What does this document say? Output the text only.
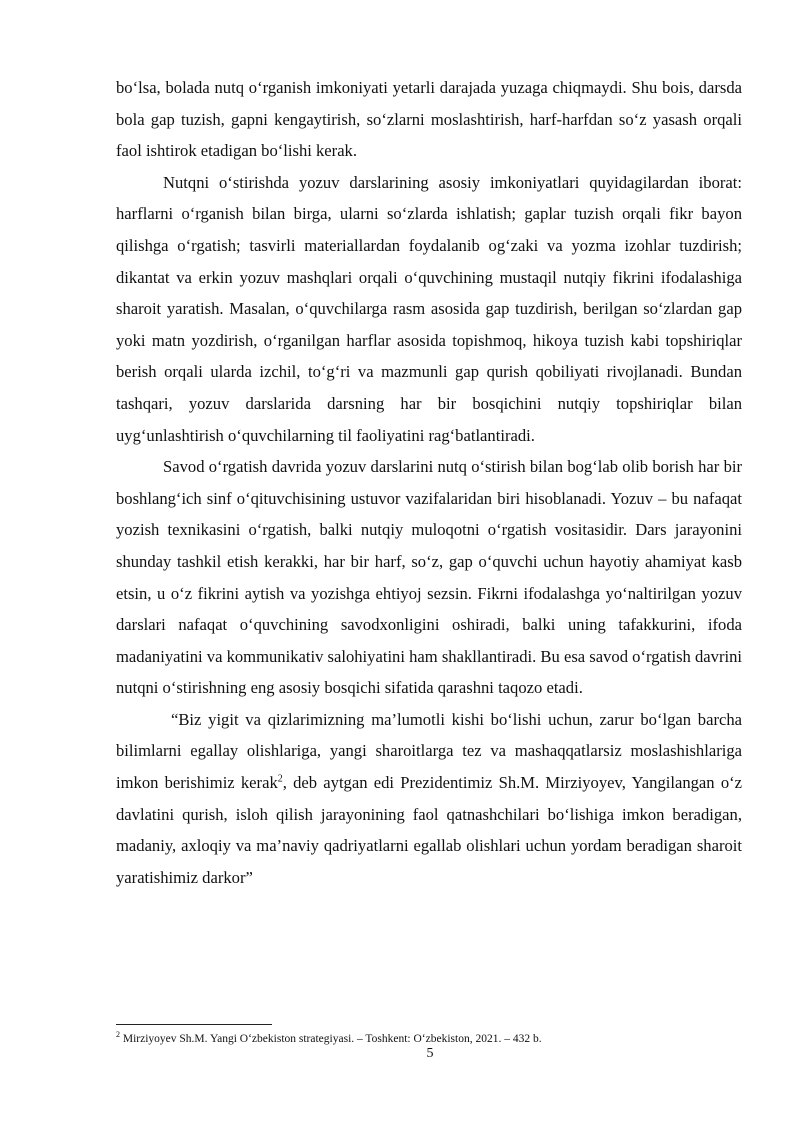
bo‘lsa, bolada nutq o‘rganish imkoniyati yetarli darajada yuzaga chiqmaydi. Shu bois, darsda bola gap tuzish, gapni kengaytirish, so‘zlarni moslashtirish, harf-harfdan so‘z yasash orqali faol ishtirok etadigan bo‘lishi kerak.

Nutqni o‘stirishda yozuv darslarining asosiy imkoniyatlari quyidagilardan iborat: harflarni o‘rganish bilan birga, ularni so‘zlarda ishlatish; gaplar tuzish orqali fikr bayon qilishga o‘rgatish; tasvirli materiallardan foydalanib og‘zaki va yozma izohlar tuzdirish; dikantat va erkin yozuv mashqlari orqali o‘quvchining mustaqil nutqiy fikrini ifodalashiga sharoit yaratish. Masalan, o‘quvchilarga rasm asosida gap tuzdirish, berilgan so‘zlardan gap yoki matn yozdirish, o‘rganilgan harflar asosida topishmoq, hikoya tuzish kabi topshiriqlar berish orqali ularda izchil, to‘g‘ri va mazmunli gap qurish qobiliyati rivojlanadi. Bundan tashqari, yozuv darslarida darsning har bir bosqichini nutqiy topshiriqlar bilan uyg‘unlashtirish o‘quvchilarning til faoliyatini rag‘batlantiradi.

Savod o‘rgatish davrida yozuv darslarini nutq o‘stirish bilan bog‘lab olib borish har bir boshlang‘ich sinf o‘qituvchisining ustuvor vazifalaridan biri hisoblanadi. Yozuv – bu nafaqat yozish texnikasini o‘rgatish, balki nutqiy muloqotni o‘rgatish vositasidir. Dars jarayonini shunday tashkil etish kerakki, har bir harf, so‘z, gap o‘quvchi uchun hayotiy ahamiyat kasb etsin, u o‘z fikrini aytish va yozishga ehtiyoj sezsin. Fikrni ifodalashga yo‘naltirilgan yozuv darslari nafaqat o‘quvchining savodxonligini oshiradi, balki uning tafakkurini, ifoda madaniyatini va kommunikativ salohiyatini ham shakllantiradi. Bu esa savod o‘rgatish davrini nutqni o‘stirishning eng asosiy bosqichi sifatida qarashni taqozo etadi.

“Biz yigit va qizlarimizning ma’lumotli kishi bo‘lishi uchun, zarur bo‘lgan barcha bilimlarni egallay olishlariga, yangi sharoitlarga tez va mashaqqatlarsiz moslashishlariga imkon berishimiz kerak$^2$, deb aytgan edi Prezidentimiz Sh.M. Mirziyoyev, Yangilangan o‘z davlatini qurish, isloh qilish jarayonining faol qatnashchilari bo‘lishiga imkon beradigan, madaniy, axloqiy va ma’naviy qadriyatlarni egallab olishlari uchun yordam beradigan sharoit yaratishimiz darkor”

$^2$ Mirziyoyev Sh.M. Yangi O‘zbekiston strategiyasi. – Toshkent: O‘zbekiston, 2021. – 432 b.
5
